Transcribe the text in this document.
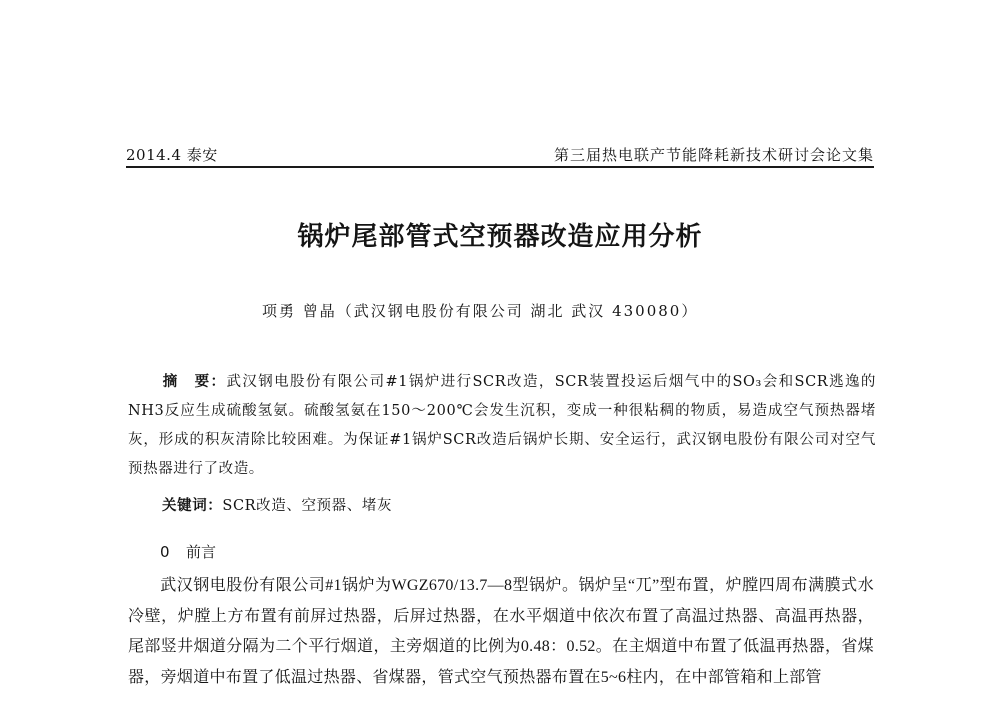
2014.4 泰安	第三届热电联产节能降耗新技术研讨会论文集
锅炉尾部管式空预器改造应用分析
项勇 曾晶（武汉钢电股份有限公司 湖北 武汉 430080）
摘　要：武汉钢电股份有限公司#1锅炉进行SCR改造，SCR装置投运后烟气中的SO₃会和SCR逃逸的NH3反应生成硫酸氢氨。硫酸氢氨在150～200℃会发生沉积，变成一种很粘稠的物质，易造成空气预热器堵灰，形成的积灰清除比较困难。为保证#1锅炉SCR改造后锅炉长期、安全运行，武汉钢电股份有限公司对空气预热器进行了改造。
关键词：SCR改造、空预器、堵灰
0 前言
武汉钢电股份有限公司#1锅炉为WGZ670/13.7—8型锅炉。锅炉呈“兀”型布置，炉膛四周布满膜式水冷壁，炉膛上方布置有前屏过热器，后屏过热器，在水平烟道中依次布置了高温过热器、高温再热器，尾部竖井烟道分隔为二个平行烟道，主旁烟道的比例为0.48：0.52。在主烟道中布置了低温再热器，省煤器，旁烟道中布置了低温过热器、省煤器，管式空气预热器布置在5~6柱内，在中部管箱和上部管
